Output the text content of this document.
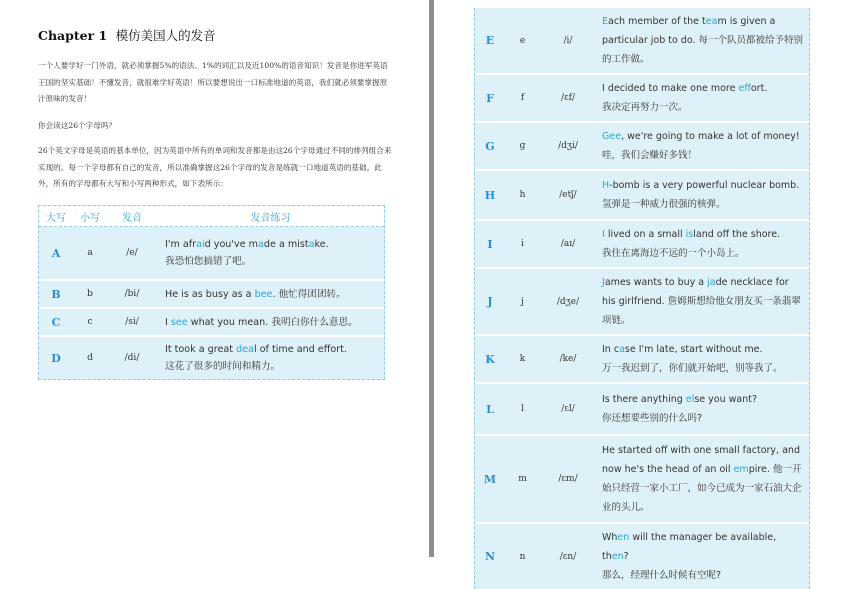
Chapter 1 模仿美国人的发音
一个人要学好一门外语，就必须掌握5%的语法、1%的词汇以及近100%的语音知识！发音是你进军英语王国的坚实基础！不懂发音，就很难学好英语！所以要想说出一口标准地道的英语，我们就必须要掌握原汁原味的发音！
你会读这26个字母吗？
26个英文字母是英语的基本单位，因为英语中所有的单词和发音都是由这26个字母通过不同的排列组合来实现的。每一个字母都有自己的发音，所以准确掌握这26个字母的发音是练就一口地道英语的基础。此外，所有的字母都有大写和小写两种形式，如下表所示：
大写	小写	发音	发音练习
A	a	/e/
I'm afraid you've made a mistake.
我恐怕您搞错了吧。
B	b	/bi/	He is as busy as a bee. 他忙得团团转。
C	c	/si/	I see what you mean. 我明白你什么意思。
D	d	/di/
It took a great deal of time and effort.
这花了很多的时间和精力。
E	e	/i/
Each member of the team is given a particular job to do. 每一个队员都被给予特别的工作做。
F	f	/ɛf/
I decided to make one more effort.
我决定再努力一次。
G	g	/dʒi/
Gee, we're going to make a lot of money!
哇，我们会赚好多钱！
H	h	/etʃ/
H-bomb is a very powerful nuclear bomb.
氢弹是一种威力很强的核弹。
I	i	/aɪ/
I lived on a small island off the shore.
我住在离海边不远的一个小岛上。
J	j	/dʒe/
James wants to buy a jade necklace for his girlfriend. 詹姆斯想给他女朋友买一条翡翠项链。
K	k	/ke/
In case I'm late, start without me.
万一我迟到了，你们就开始吧，别等我了。
L	l	/ɛl/
Is there anything else you want?
你还想要些别的什么吗?
M	m	/ɛm/
He started off with one small factory, and now he's the head of an oil empire. 他一开始只经营一家小工厂，如今已成为一家石油大企业的头儿。
N	n	/ɛn/
When will the manager be available, then?
那么，经理什么时候有空呢?
